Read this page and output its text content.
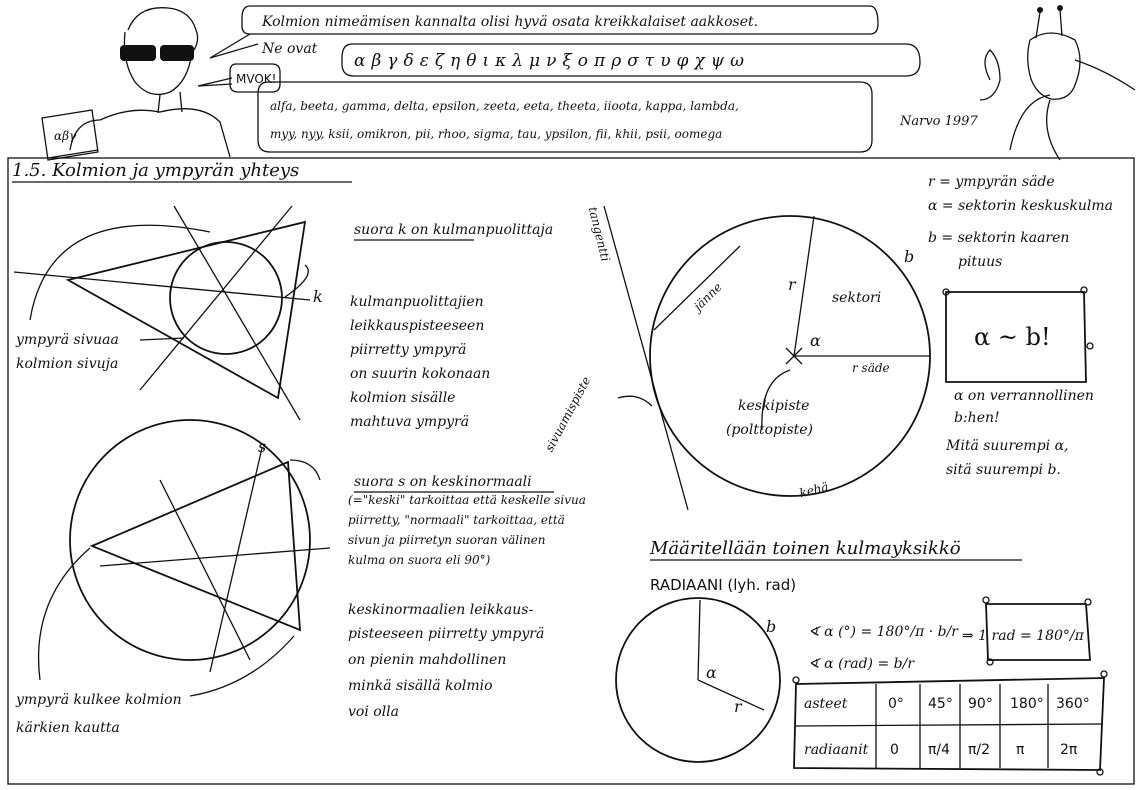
αβγ
Kolmion nimeämisen kannalta olisi hyvä osata kreikkalaiset aakkoset.
Ne ovat
αβγδεζηθικλμνξοπρστυφχψω
alfa, beeta, gamma, delta, epsilon, zeeta, eeta, theeta, iioota, kappa, lambda,
myy, nyy, ksii, omikron, pii, rhoo, sigma, tau, ypsilon, fii, khii, psii, oomega
MVOK!
Narvo 1997
1.5. Kolmion ja ympyrän yhteys
k
suora k on kulmanpuolittaja
kulmanpuolittajien
leikkauspisteeseen
piirretty ympyrä
on suurin kokonaan
kolmion sisälle
mahtuva ympyrä
ympyrä sivuaa
kolmion sivuja
s
suora s on keskinormaali
(="keski" tarkoittaa että keskelle sivua
piirretty, "normaali" tarkoittaa, että
sivun ja piirretyn suoran välinen
kulma on suora eli 90°)
keskinormaalien leikkaus-
pisteeseen piirretty ympyrä
on pienin mahdollinen
minkä sisällä kolmio
voi olla
ympyrä kulkee kolmion
kärkien kautta
tangentti
jänne	r
α
sektori
r säde
b
keskipiste
(polttopiste)
sivuamispiste
kehä
r = ympyrän säde
α = sektorin keskuskulma
b = sektorin kaaren
pituus
α ~ b!
α on verrannollinen
b:hen!
Mitä suurempi α,
sitä suurempi b.
Määritellään toinen kulmayksikkö
RADIAANI (lyh. rad)
α
r
b ∢ α (°) = 180°/π · b/r
∢ α (rad) = b/r
⇒ 1 rad = 180°/π
asteet
radiaanit
0° 45° 90° 180° 360°
0 π/4 π/2 π	2π
